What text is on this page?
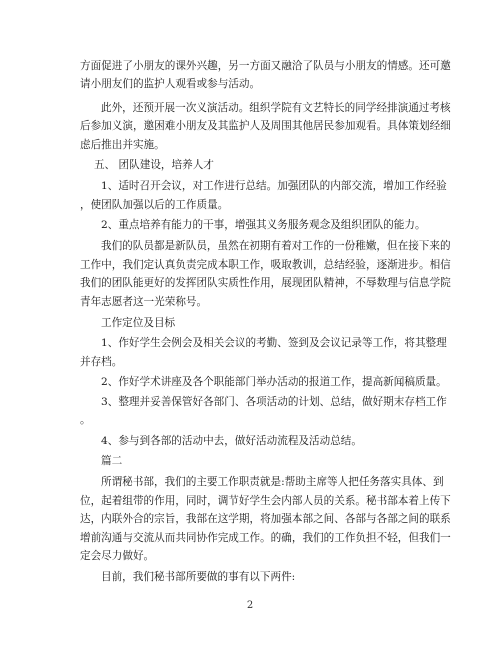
方面促进了小朋友的课外兴趣，另一方面又融洽了队员与小朋友的情感。还可邀
请小朋友们的监护人观看或参与活动。
此外，还预开展一次义演活动。组织学院有文艺特长的同学经排演通过考核
后参加义演，邀困难小朋友及其监护人及周围其他居民参加观看。具体策划经细
虑后推出并实施。
五、 团队建设，培养人才
1、适时召开会议，对工作进行总结。加强团队的内部交流，增加工作经验
，使团队加强以后的工作质量。
2、重点培养有能力的干事，增强其义务服务观念及组织团队的能力。
我们的队员都是新队员，虽然在初期有着对工作的一份稚嫩，但在接下来的
工作中，我们定认真负责完成本职工作，吸取教训，总结经验，逐渐进步。相信
我们的团队能更好的发挥团队实质性作用，展现团队精神，不辱数理与信息学院
青年志愿者这一光荣称号。
工作定位及目标
1、作好学生会例会及相关会议的考勤、签到及会议记录等工作，将其整理
并存档。
2、作好学术讲座及各个职能部门举办活动的报道工作，提高新闻稿质量。
3、整理并妥善保管好各部门、各项活动的计划、总结，做好期末存档工作
。
4、参与到各部的活动中去，做好活动流程及活动总结。
篇二
所谓秘书部，我们的主要工作职责就是:帮助主席等人把任务落实具体、到
位，起着组带的作用，同时，调节好学生会内部人员的关系。秘书部本着上传下
达，内联外合的宗旨，我部在这学期，将加强本部之间、各部与各部之间的联系
增前沟通与交流从而共同协作完成工作。的确，我们的工作负担不轻，但我们一
定会尽力做好。
目前，我们秘书部所要做的事有以下两件:
2
